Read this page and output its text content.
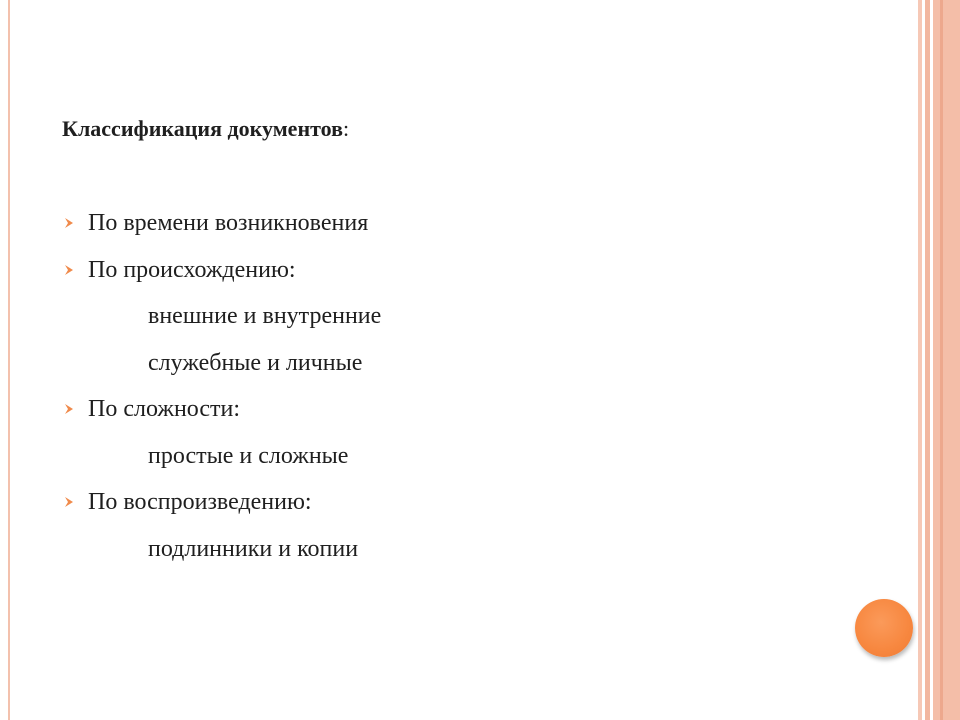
Классификация документов:
По времени возникновения
По происхождению:
внешние и внутренние
служебные и личные
По сложности:
простые и сложные
По воспроизведению:
подлинники и копии
